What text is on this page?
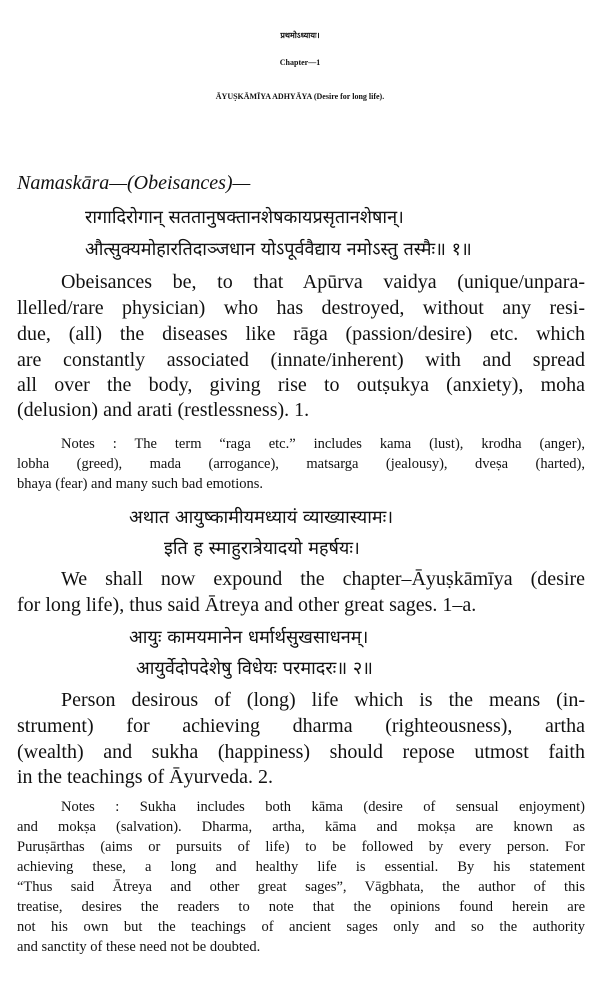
प्रथमोऽध्यायः।
Chapter—1
ĀYUṢKĀMĪYA ADHYĀYA (Desire for long life).
Namaskāra—(Obeisances)—
रागादिरोगान् सततानुषक्तानशेषकायप्रसृतानशेषान्।
औत्सुक्यमोहारतिदाञ्जधान योऽपूर्ववैद्याय नमोऽस्तु तस्मैः॥ १॥
Obeisances be, to that Apūrva vaidya (unique/unpara-
llelled/rare physician) who has destroyed, without any resi-
due, (all) the diseases like rāga (passion/desire) etc. which
are constantly associated (innate/inherent) with and spread
all over the body, giving rise to outṣukya (anxiety), moha
(delusion) and arati (restlessness). 1.
Notes : The term “raga etc.” includes kama (lust), krodha (anger),
lobha (greed), mada (arrogance), matsarga (jealousy), dveṣa (harted),
bhaya (fear) and many such bad emotions.
अथात आयुष्कामीयमध्यायं व्याख्यास्यामः।
इति ह स्माहुरात्रेयादयो महर्षयः।
We shall now expound the chapter–Āyuṣkāmīya (desire
for long life), thus said Ātreya and other great sages. 1–a.
आयुः कामयमानेन धर्मार्थसुखसाधनम्।
आयुर्वेदोपदेशेषु विधेयः परमादरः॥ २॥
Person desirous of (long) life which is the means (in-
strument) for achieving dharma (righteousness), artha
(wealth) and sukha (happiness) should repose utmost faith
in the teachings of Āyurveda. 2.
Notes : Sukha includes both kāma (desire of sensual enjoyment)
and mokṣa (salvation). Dharma, artha, kāma and mokṣa are known as
Puruṣārthas (aims or pursuits of life) to be followed by every person. For
achieving these, a long and healthy life is essential. By his statement
“Thus said Ātreya and other great sages”, Vāgbhata, the author of this
treatise, desires the readers to note that the opinions found herein are
not his own but the teachings of ancient sages only and so the authority
and sanctity of these need not be doubted.
